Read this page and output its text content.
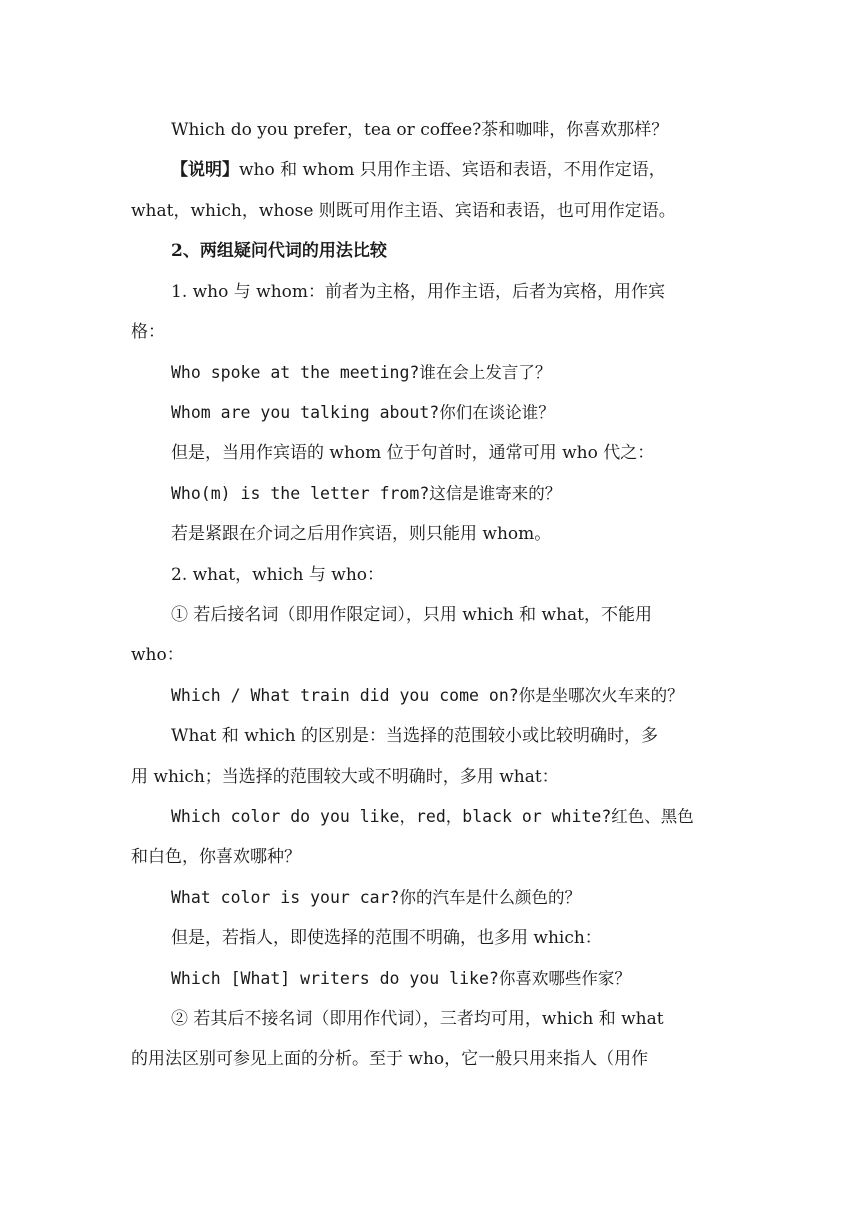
Which do you prefer，tea or coffee?茶和咖啡，你喜欢那样？
【说明】who 和 whom 只用作主语、宾语和表语，不用作定语，
what，which，whose 则既可用作主语、宾语和表语，也可用作定语。
2、两组疑问代词的用法比较
1. who 与 whom：前者为主格，用作主语，后者为宾格，用作宾
格：
Who spoke at the meeting?谁在会上发言了？
Whom are you talking about?你们在谈论谁？
但是，当用作宾语的 whom 位于句首时，通常可用 who 代之：
Who(m) is the letter from?这信是谁寄来的？
若是紧跟在介词之后用作宾语，则只能用 whom。
2. what，which 与 who：
① 若后接名词（即用作限定词），只用 which 和 what，不能用
who：
Which / What train did you come on?你是坐哪次火车来的？
What 和 which 的区别是：当选择的范围较小或比较明确时，多
用 which；当选择的范围较大或不明确时，多用 what：
Which color do you like，red，black or white?红色、黑色
和白色，你喜欢哪种？
What color is your car?你的汽车是什么颜色的？
但是，若指人，即使选择的范围不明确，也多用 which：
Which [What] writers do you like?你喜欢哪些作家？
② 若其后不接名词（即用作代词），三者均可用，which 和 what
的用法区别可参见上面的分析。至于 who，它一般只用来指人（用作
